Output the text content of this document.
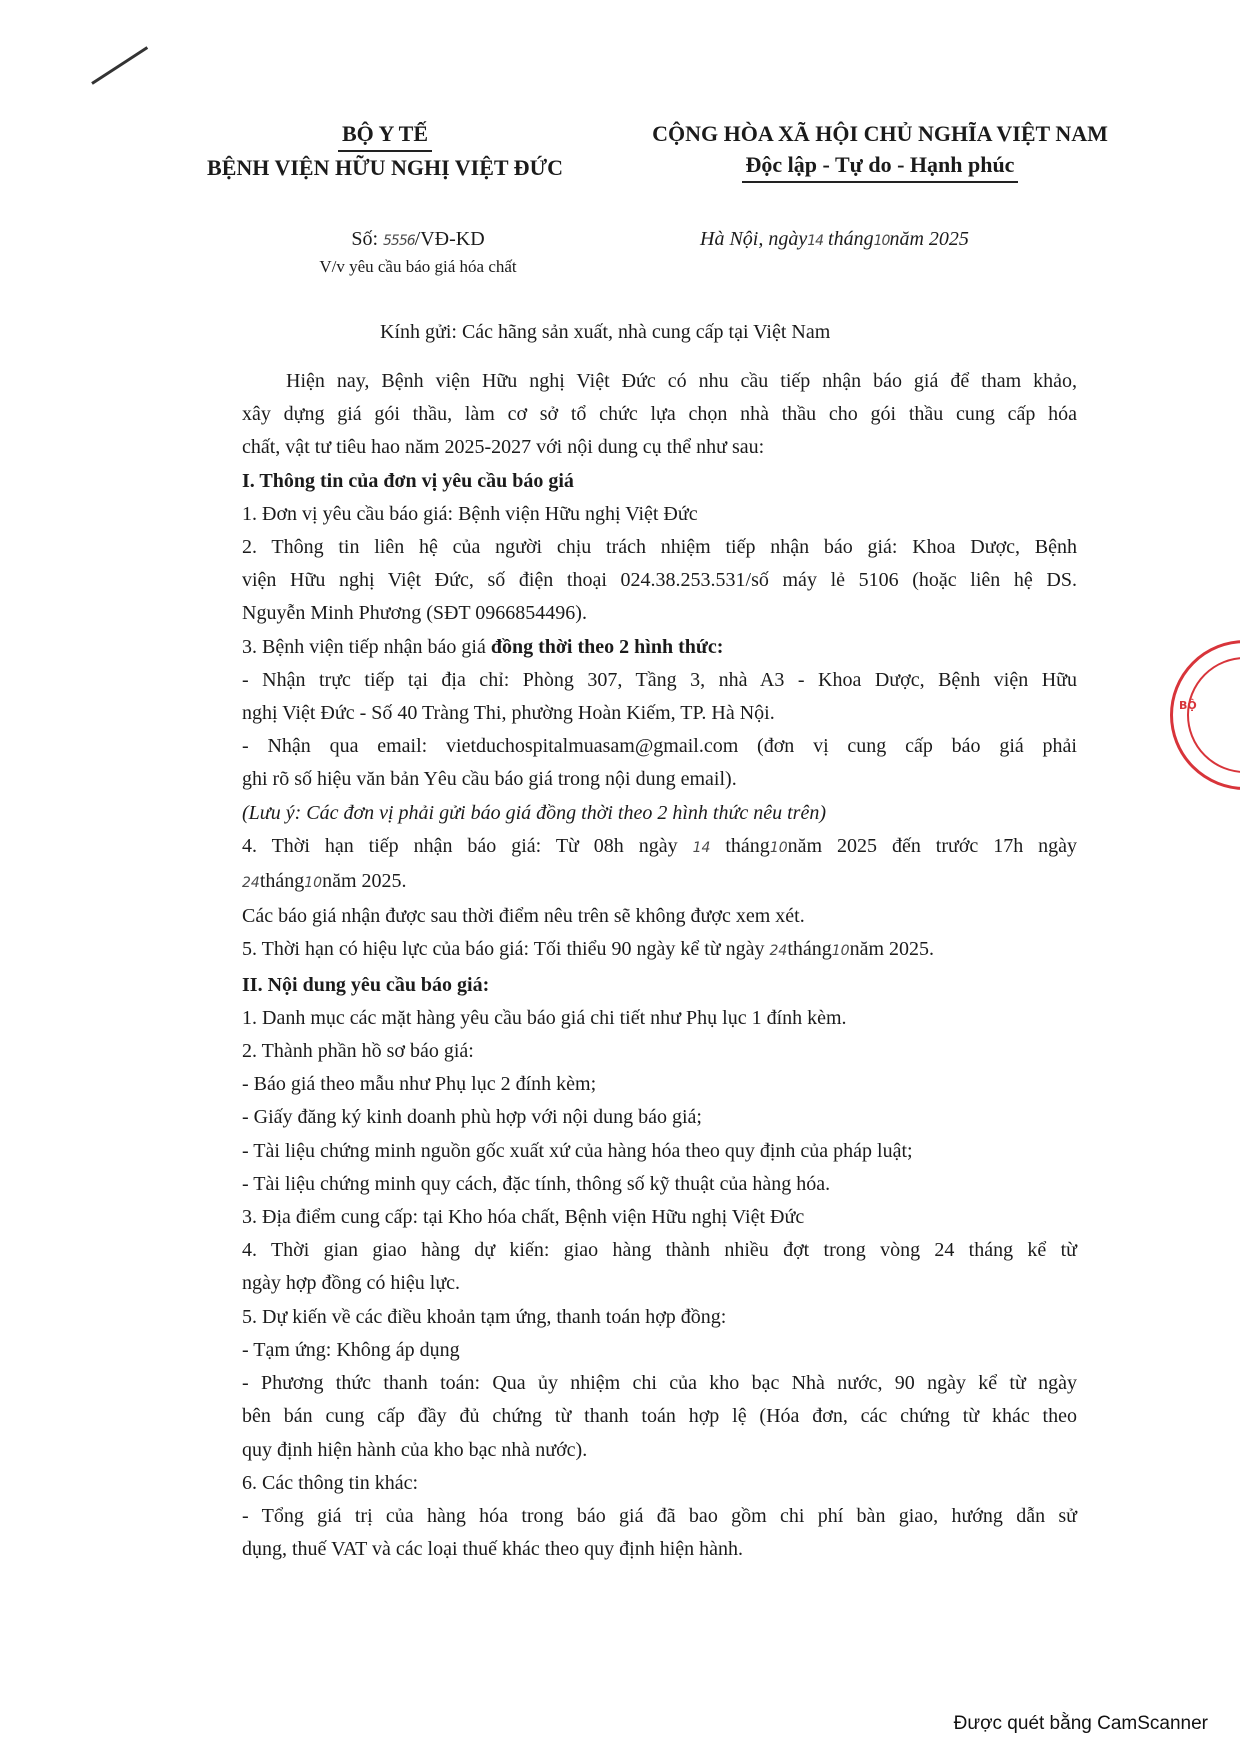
BỘ Y TẾ
BỆNH VIỆN HỮU NGHỊ VIỆT ĐỨC
CỘNG HÒA XÃ HỘI CHỦ NGHĨA VIỆT NAM
Độc lập - Tự do - Hạnh phúc
Số: 5556/VĐ-KD
V/v yêu cầu báo giá hóa chất
Hà Nội, ngày14 tháng10năm 2025
Kính gửi: Các hãng sản xuất, nhà cung cấp tại Việt Nam

Hiện nay, Bệnh viện Hữu nghị Việt Đức có nhu cầu tiếp nhận báo giá để tham khảo,

xây dựng giá gói thầu, làm cơ sở tổ chức lựa chọn nhà thầu cho gói thầu cung cấp hóa

chất, vật tư tiêu hao năm 2025-2027 với nội dung cụ thể như sau:

I. Thông tin của đơn vị yêu cầu báo giá

1. Đơn vị yêu cầu báo giá: Bệnh viện Hữu nghị Việt Đức

2. Thông tin liên hệ của người chịu trách nhiệm tiếp nhận báo giá: Khoa Dược, Bệnh

viện Hữu nghị Việt Đức, số điện thoại 024.38.253.531/số máy lẻ 5106 (hoặc liên hệ DS.

Nguyễn Minh Phương (SĐT 0966854496).

3. Bệnh viện tiếp nhận báo giá đồng thời theo 2 hình thức:

- Nhận trực tiếp tại địa chỉ: Phòng 307, Tầng 3, nhà A3 - Khoa Dược, Bệnh viện Hữu

nghị Việt Đức - Số 40 Tràng Thi, phường Hoàn Kiếm, TP. Hà Nội.

- Nhận qua email: vietduchospitalmuasam@gmail.com (đơn vị cung cấp báo giá phải

ghi rõ số hiệu văn bản Yêu cầu báo giá trong nội dung email).

(Lưu ý: Các đơn vị phải gửi báo giá đồng thời theo 2 hình thức nêu trên)

4. Thời hạn tiếp nhận báo giá: Từ 08h ngày 14 tháng10năm 2025 đến trước 17h ngày

24tháng10năm 2025.

Các báo giá nhận được sau thời điểm nêu trên sẽ không được xem xét.

5. Thời hạn có hiệu lực của báo giá: Tối thiểu 90 ngày kể từ ngày 24tháng10năm 2025.

II. Nội dung yêu cầu báo giá:

1. Danh mục các mặt hàng yêu cầu báo giá chi tiết như Phụ lục 1 đính kèm.

2. Thành phần hồ sơ báo giá:

- Báo giá theo mẫu như Phụ lục 2 đính kèm;

- Giấy đăng ký kinh doanh phù hợp với nội dung báo giá;

- Tài liệu chứng minh nguồn gốc xuất xứ của hàng hóa theo quy định của pháp luật;

- Tài liệu chứng minh quy cách, đặc tính, thông số kỹ thuật của hàng hóa.

3. Địa điểm cung cấp: tại Kho hóa chất, Bệnh viện Hữu nghị Việt Đức

4. Thời gian giao hàng dự kiến: giao hàng thành nhiều đợt trong vòng 24 tháng kể từ

ngày hợp đồng có hiệu lực.

5. Dự kiến về các điều khoản tạm ứng, thanh toán hợp đồng:

- Tạm ứng: Không áp dụng

- Phương thức thanh toán: Qua ủy nhiệm chi của kho bạc Nhà nước, 90 ngày kể từ ngày

bên bán cung cấp đầy đủ chứng từ thanh toán hợp lệ (Hóa đơn, các chứng từ khác theo

quy định hiện hành của kho bạc nhà nước).

6. Các thông tin khác:

- Tổng giá trị của hàng hóa trong báo giá đã bao gồm chi phí bàn giao, hướng dẫn sử

dụng, thuế VAT và các loại thuế khác theo quy định hiện hành.

BỘ
Được quét bằng CamScanner
